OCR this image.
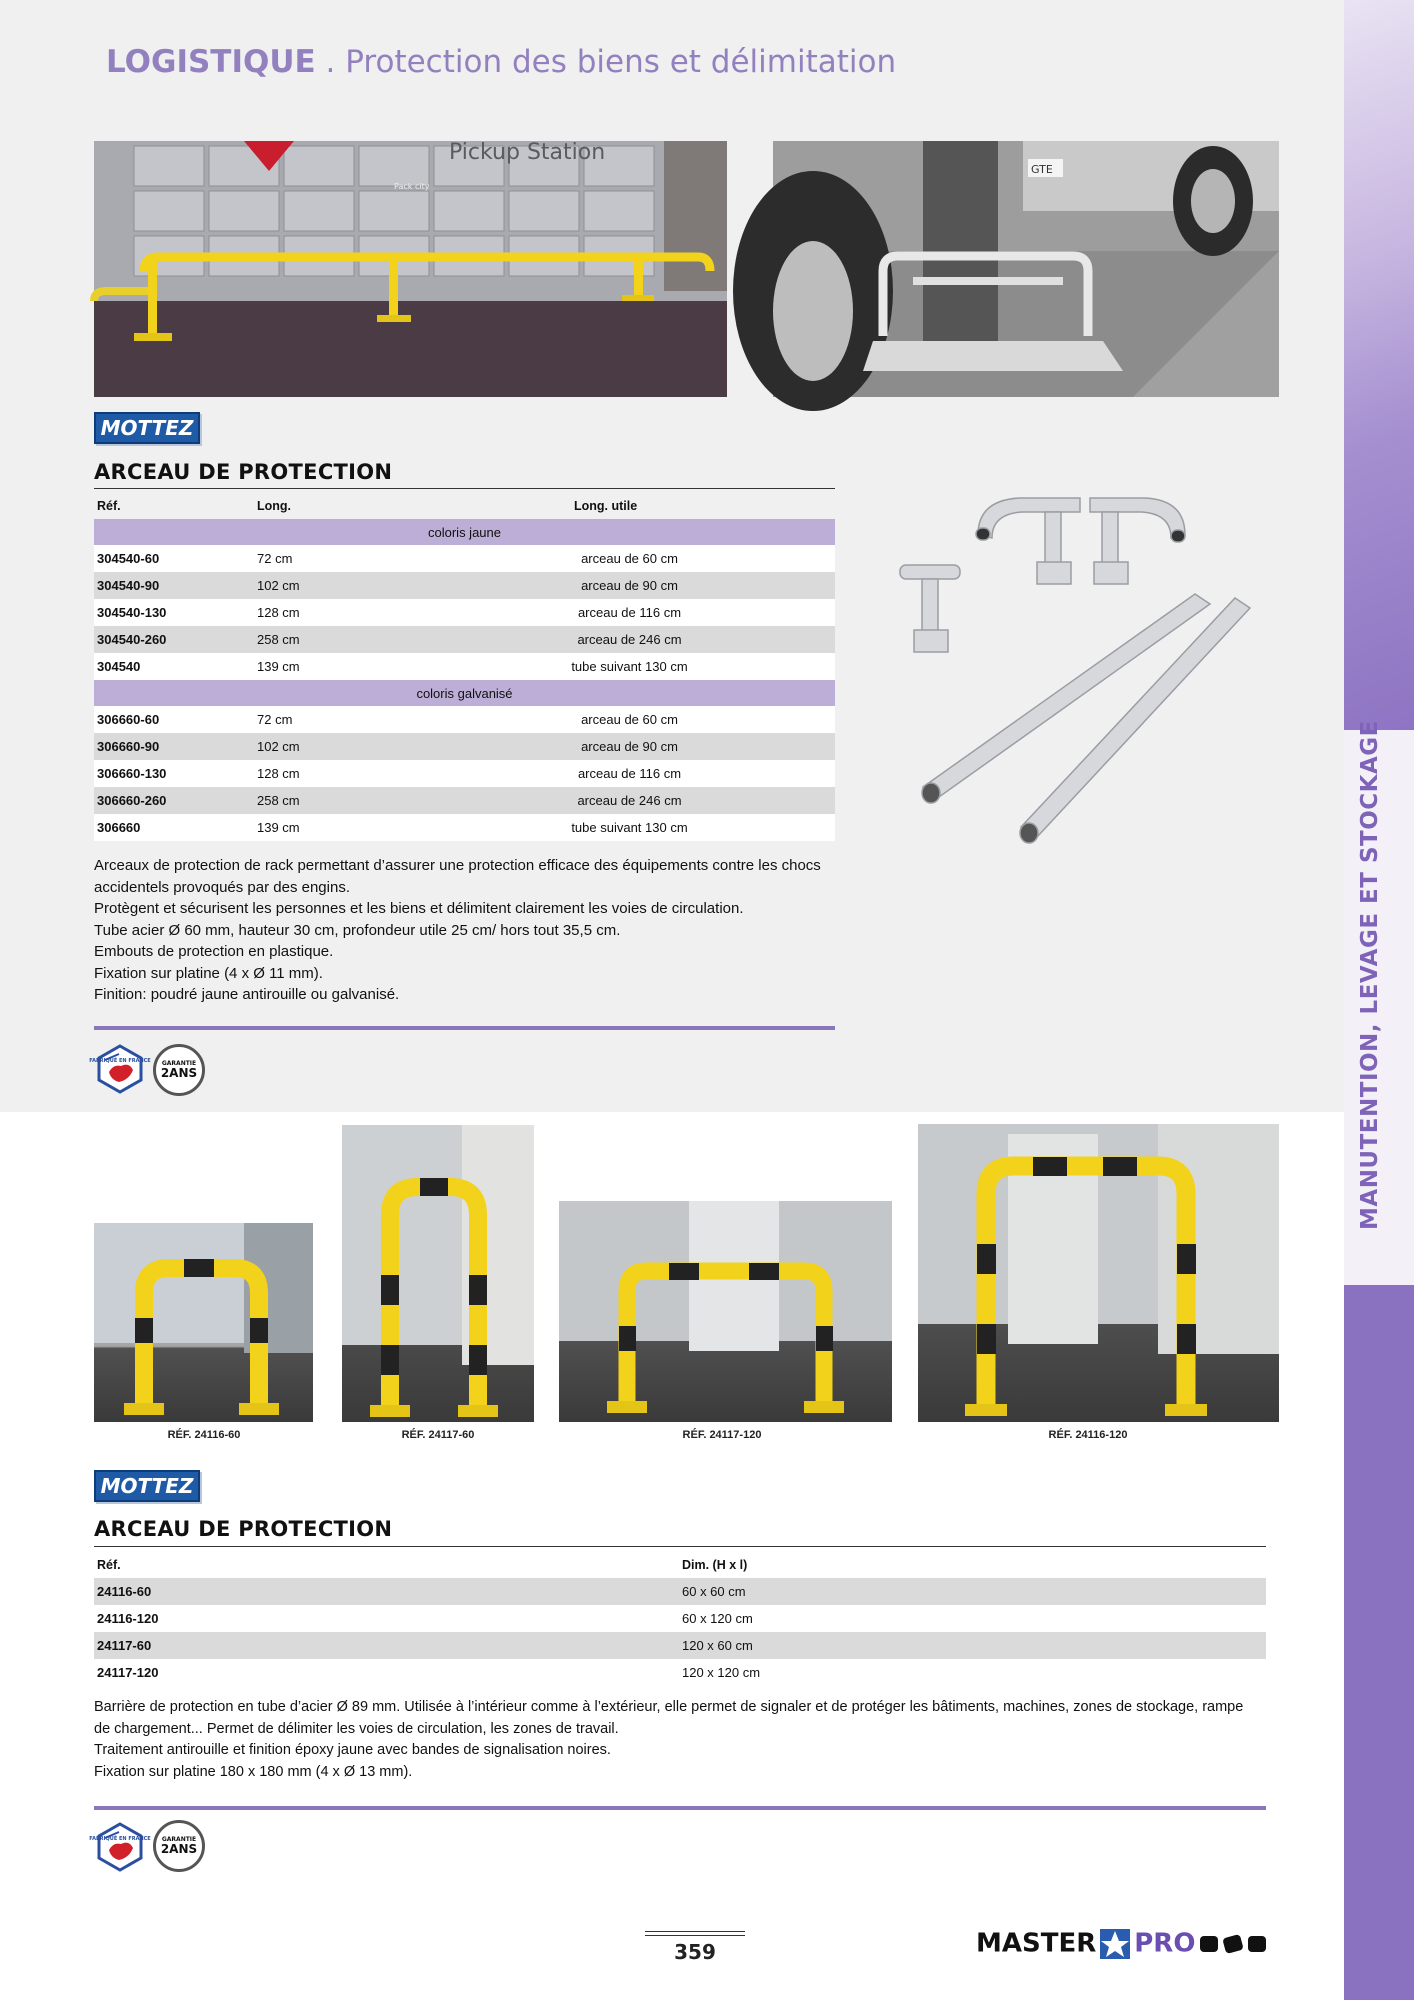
MANUTENTION, LEVAGE ET STOCKAGE
LOGISTIQUE . Protection des biens et délimitation
Pickup Station
Pack city
GTE
MOTTEZ
ARCEAU DE PROTECTION
Réf.	Long.	Long. utile
coloris jaune		
304540-60	72 cm	arceau de 60 cm
304540-90	102 cm	arceau de 90 cm
304540-130	128 cm	arceau de 116 cm
304540-260	258 cm	arceau de 246 cm
304540	139 cm	tube suivant 130 cm
coloris galvanisé		
306660-60	72 cm	arceau de 60 cm
306660-90	102 cm	arceau de 90 cm
306660-130	128 cm	arceau de 116 cm
306660-260	258 cm	arceau de 246 cm
306660	139 cm	tube suivant 130 cm

Arceaux de protection de rack permettant d’assurer une protection efficace des équipements contre les chocs

accidentels provoqués par des engins.

Protègent et sécurisent les personnes et les biens et délimitent clairement les voies de circulation.

Tube acier Ø 60 mm, hauteur 30 cm, profondeur utile 25 cm/ hors tout 35,5 cm.

Embouts de protection en plastique.

Fixation sur platine (4 x Ø 11 mm).

Finition: poudré jaune antirouille ou galvanisé.

FABRIQUÉ EN FRANCE	GARANTIE
2ANS
RÉF. 24116-60	RÉF. 24117-60	RÉF. 24117-120	RÉF. 24116-120
MOTTEZ
ARCEAU DE PROTECTION
Réf.	Dim. (H x l)
24116-60	60 x 60 cm
24116-120	60 x 120 cm
24117-60	120 x 60 cm
24117-120	120 x 120 cm

Barrière de protection en tube d’acier Ø 89 mm. Utilisée à l’intérieur comme à l’extérieur, elle permet de signaler et de protéger les bâtiments, machines, zones de stockage, rampe

de chargement... Permet de délimiter les voies de circulation, les zones de travail.

Traitement antirouille et finition époxy jaune avec bandes de signalisation noires.

Fixation sur platine 180 x 180 mm (4 x Ø 13 mm).

FABRIQUÉ EN FRANCE	GARANTIE
2ANS
359	MASTER PRO
